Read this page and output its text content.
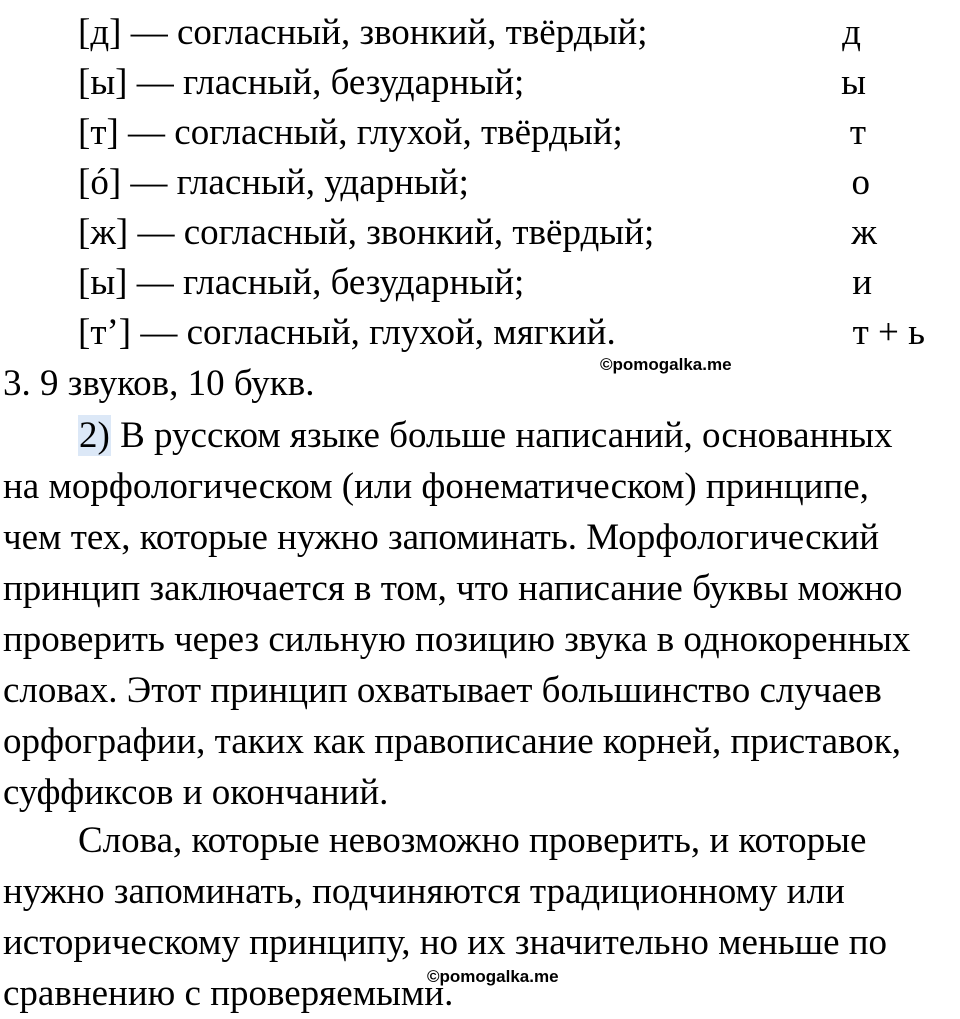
[д] — согласный, звонкий, твёрдый;	д
[ы] — гласный, безударный;	ы
[т] — согласный, глухой, твёрдый;	т
[ó] — гласный, ударный;	о
[ж] — согласный, звонкий, твёрдый;	ж
[ы] — гласный, безударный;	и
[т’] — согласный, глухой, мягкий.	т + ь
©pomogalka.me
3. 9 звуков, 10 букв.
2) В русском языке больше написаний, основанных
на морфологическом (или фонематическом) принципе,
чем тех, которые нужно запоминать. Морфологический
принцип заключается в том, что написание буквы можно
проверить через сильную позицию звука в однокоренных
словах. Этот принцип охватывает большинство случаев
орфографии, таких как правописание корней, приставок,
суффиксов и окончаний.
Слова, которые невозможно проверить, и которые
нужно запоминать, подчиняются традиционному или
историческому принципу, но их значительно меньше по
сравнению с проверяемыми.
©pomogalka.me
